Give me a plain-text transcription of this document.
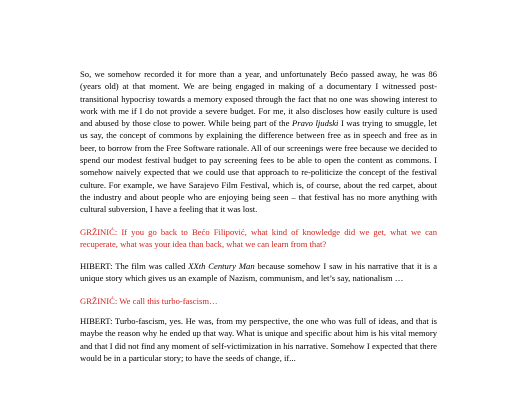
So, we somehow recorded it for more than a year, and unfortunately Bećo passed away, he was 86 (years old) at that moment. We are being engaged in making of a documentary I witnessed post-transitional hypocrisy towards a memory exposed through the fact that no one was showing interest to work with me if I do not provide a severe budget. For me, it also discloses how easily culture is used and abused by those close to power. While being part of the Pravo ljudski I was trying to smuggle, let us say, the concept of commons by explaining the difference between free as in speech and free as in beer, to borrow from the Free Software rationale. All of our screenings were free because we decided to spend our modest festival budget to pay screening fees to be able to open the content as commons. I somehow naively expected that we could use that approach to re-politicize the concept of the festival culture. For example, we have Sarajevo Film Festival, which is, of course, about the red carpet, about the industry and about people who are enjoying being seen – that festival has no more anything with cultural subversion, I have a feeling that it was lost.

GRŽINIĆ: If you go back to Bećo Filipović, what kind of knowledge did we get, what we can recuperate, what was your idea than back, what we can learn from that?

HIBERT: The film was called XXth Century Man because somehow I saw in his narrative that it is a unique story which gives us an example of Nazism, communism, and let’s say, nationalism …

GRŽINIĆ: We call this turbo-fascism…

HIBERT: Turbo-fascism, yes. He was, from my perspective, the one who was full of ideas, and that is maybe the reason why he ended up that way. What is unique and specific about him is his vital memory and that I did not find any moment of self-victimization in his narrative. Somehow I expected that there would be in a particular story; to have the seeds of change, if...
